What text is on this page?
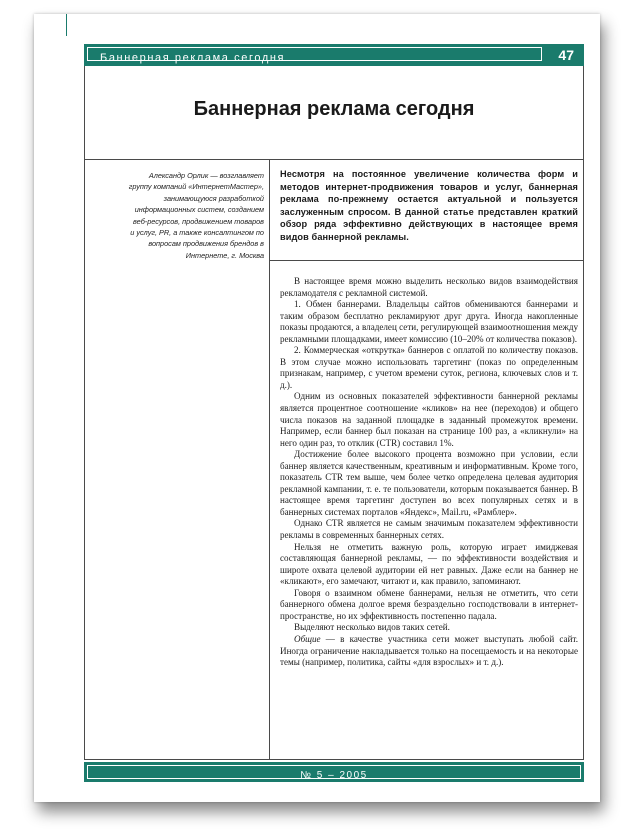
Баннерная реклама сегодня	47
Баннерная реклама сегодня
Александр Орлик — возглавляет группу компаний «ИнтернетМастер», занимающуюся разработкой информационных систем, созданием веб-ресурсов, продвижением товаров и услуг, PR, а также консалтингом по вопросам продвижения брендов в Интернете, г. Москва
Несмотря на постоянное увеличение количества форм и методов интернет-продвижения товаров и услуг, баннерная реклама по-прежнему остается актуальной и пользуется заслуженным спросом. В данной статье представлен краткий обзор ряда эффективно действующих в настоящее время видов баннерной рекламы.

В настоящее время можно выделить несколько видов взаимодействия рекламодателя с рекламной системой.

1. Обмен баннерами. Владельцы сайтов обмениваются баннерами и таким образом бесплатно рекламируют друг друга. Иногда накопленные показы продаются, а владелец сети, регулирующей взаимоотношения между рекламными площадками, имеет комиссию (10–20% от количества показов).

2. Коммерческая «открутка» баннеров с оплатой по количеству показов. В этом случае можно использовать таргетинг (показ по определенным признакам, например, с учетом времени суток, региона, ключевых слов и т. д.).

Одним из основных показателей эффективности баннерной рекламы является процентное соотношение «кликов» на нее (переходов) и общего числа показов на заданной площадке в заданный промежуток времени. Например, если баннер был показан на странице 100 раз, а «кликнули» на него один раз, то отклик (CTR) составил 1%.

Достижение более высокого процента возможно при условии, если баннер является качественным, креативным и информативным. Кроме того, показатель CTR тем выше, чем более четко определена целевая аудитория рекламной кампании, т. е. те пользователи, которым показывается баннер. В настоящее время таргетинг доступен во всех популярных сетях и в баннерных системах порталов «Яндекс», Mail.ru, «Рамблер».

Однако CTR является не самым значимым показателем эффективности рекламы в современных баннерных сетях.

Нельзя не отметить важную роль, которую играет имиджевая составляющая баннерной рекламы, — по эффективности воздействия и широте охвата целевой аудитории ей нет равных. Даже если на баннер не «кликают», его замечают, читают и, как правило, запоминают.

Говоря о взаимном обмене баннерами, нельзя не отметить, что сети баннерного обмена долгое время безраздельно господствовали в интернет-пространстве, но их эффективность постепенно падала.

Выделяют несколько видов таких сетей.

Общие — в качестве участника сети может выступать любой сайт. Иногда ограничение накладывается только на посещаемость и на некоторые темы (например, политика, сайты «для взрослых» и т. д.).

№ 5 – 2005
